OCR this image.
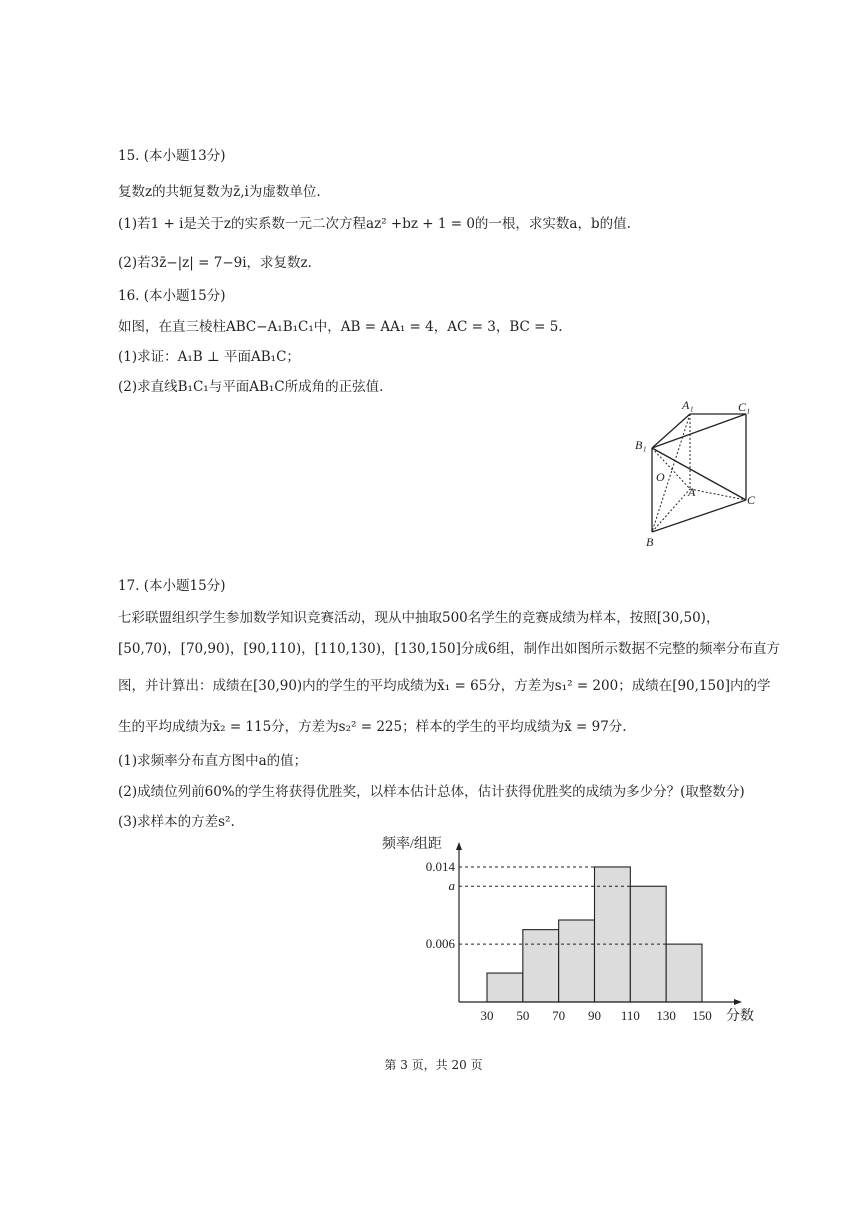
15. (本小题13分)
复数z的共轭复数为z̄,i为虚数单位.
(1)若1 + i是关于z的实系数一元二次方程az² +bz + 1 = 0的一根，求实数a，b的值.
(2)若3z̄−|z| = 7−9i，求复数z.
16. (本小题15分)
如图，在直三棱柱ABC−A₁B₁C₁中，AB = AA₁ = 4，AC = 3，BC = 5.
(1)求证：A₁B ⊥ 平面AB₁C；
(2)求直线B₁C₁与平面AB₁C所成角的正弦值.
A₁	C₁
B₁
O
A
C
B
17. (本小题15分)
七彩联盟组织学生参加数学知识竞赛活动，现从中抽取500名学生的竞赛成绩为样本，按照[30,50)，
[50,70)，[70,90)，[90,110)，[110,130)，[130,150]分成6组，制作出如图所示数据不完整的频率分布直方
图，并计算出：成绩在[30,90)内的学生的平均成绩为x̄₁ = 65分，方差为s₁² = 200；成绩在[90,150]内的学
生的平均成绩为x̄₂ = 115分，方差为s₂² = 225；样本的学生的平均成绩为x̄ = 97分.
(1)求频率分布直方图中a的值；
(2)成绩位列前60%的学生将获得优胜奖，以样本估计总体，估计获得优胜奖的成绩为多少分？(取整数分)
(3)求样本的方差s².
0.014
a
0.006
30 50 70 90 110 130 150
频率/组距
分数
第 3 页，共 20 页
